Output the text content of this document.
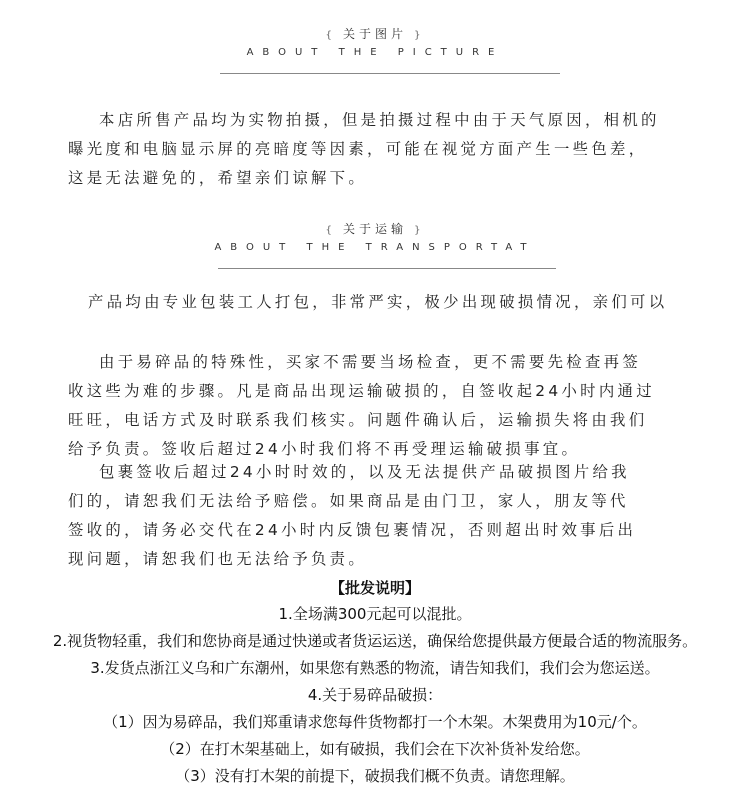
{ 关于图片 }
ABOUT THE PICTURE
本店所售产品均为实物拍摄，但是拍摄过程中由于天气原因，相机的
曝光度和电脑显示屏的亮暗度等因素，可能在视觉方面产生一些色差，
这是无法避免的，希望亲们谅解下。
{ 关于运输 }
ABOUT THE TRANSPORTAT
产品均由专业包装工人打包，非常严实，极少出现破损情况，亲们可以
由于易碎品的特殊性，买家不需要当场检查，更不需要先检查再签
收这些为难的步骤。凡是商品出现运输破损的，自签收起24小时内通过
旺旺，电话方式及时联系我们核实。问题件确认后，运输损失将由我们
给予负责。签收后超过24小时我们将不再受理运输破损事宜。
包裹签收后超过24小时时效的，以及无法提供产品破损图片给我
们的，请恕我们无法给予赔偿。如果商品是由门卫，家人，朋友等代
签收的，请务必交代在24小时内反馈包裹情况，否则超出时效事后出
现问题，请恕我们也无法给予负责。
【批发说明】
1.全场满300元起可以混批。
2.视货物轻重，我们和您协商是通过快递或者货运运送，确保给您提供最方便最合适的物流服务。
3.发货点浙江义乌和广东潮州，如果您有熟悉的物流，请告知我们，我们会为您运送。
4.关于易碎品破损：
（1）因为易碎品，我们郑重请求您每件货物都打一个木架。木架费用为10元/个。
（2）在打木架基础上，如有破损，我们会在下次补货补发给您。
（3）没有打木架的前提下，破损我们概不负责。请您理解。
